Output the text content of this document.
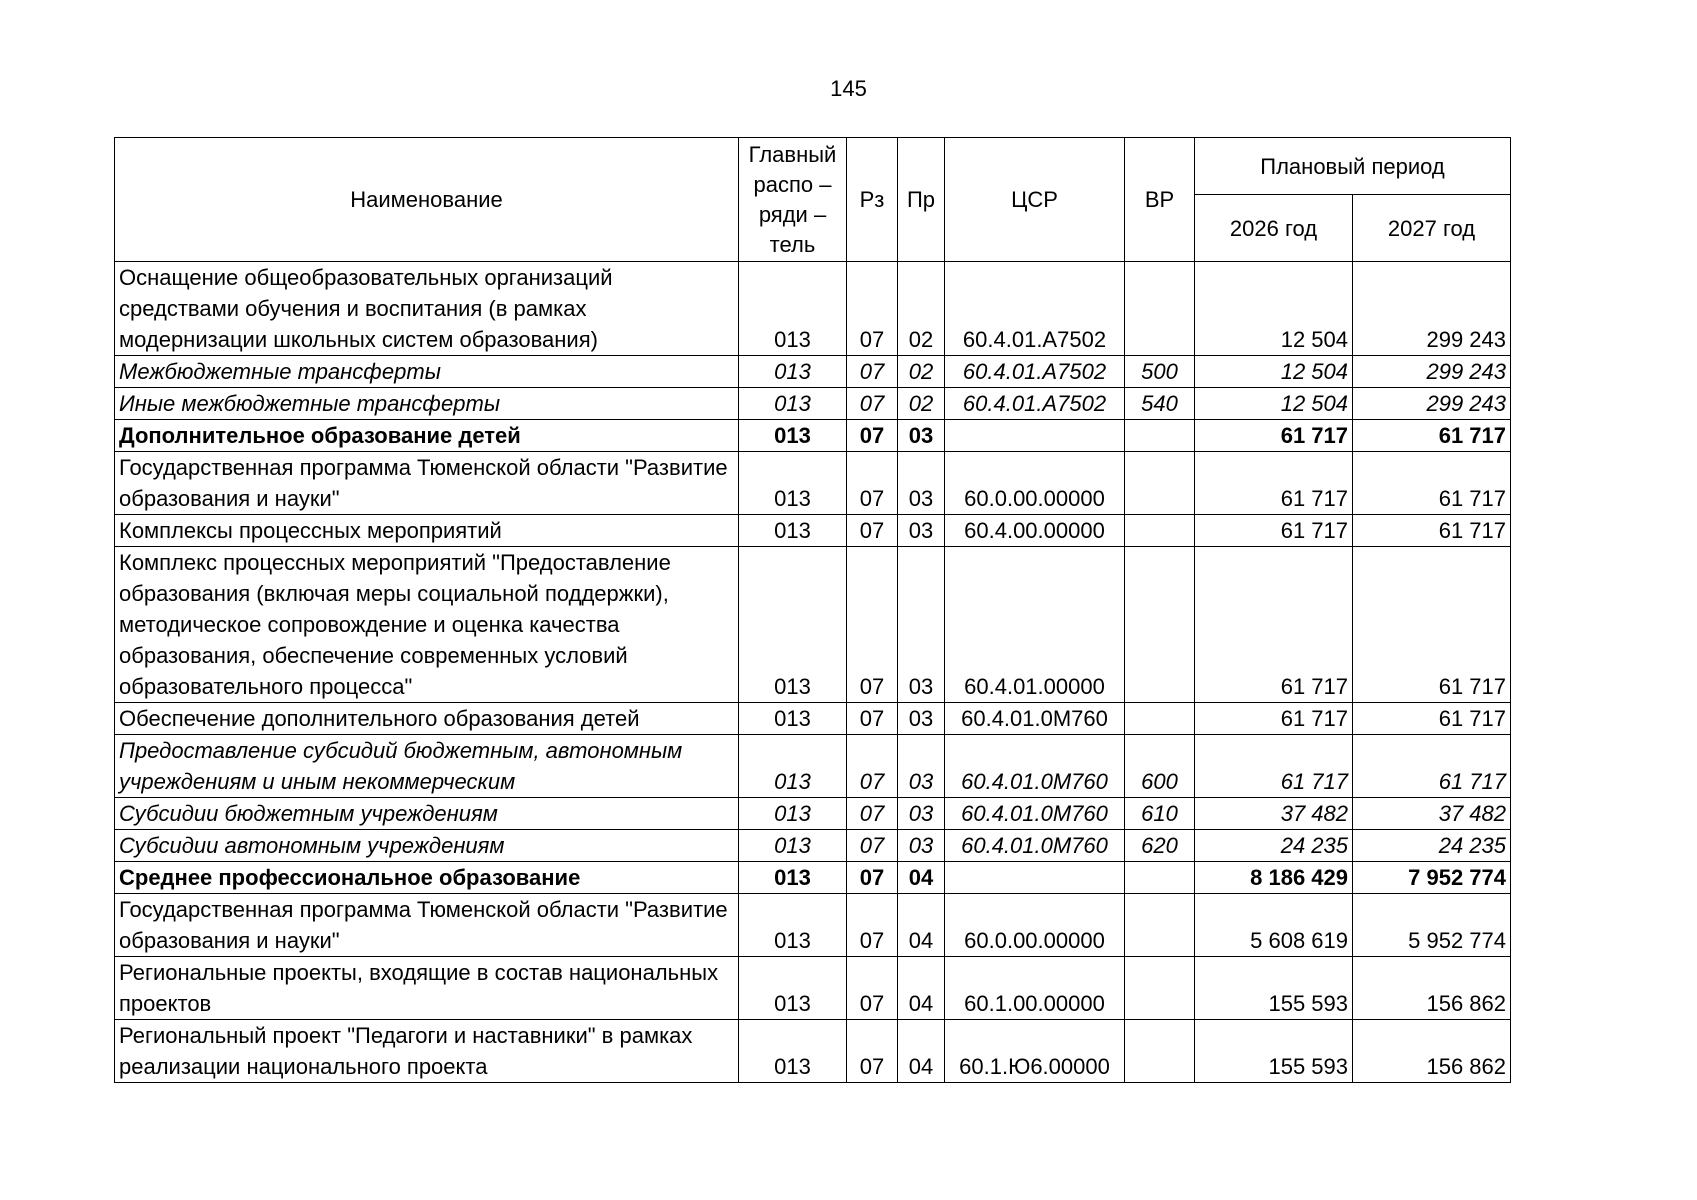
145
Наименование	Главный распо – ряди – тель	Рз	Пр	ЦСР	ВР	Плановый период	
						2026 год	2027 год
Оснащение общеобразовательных организаций средствами обучения и воспитания (в рамках модернизации школьных систем образования)	013	07	02	60.4.01.А7502		12 504	299 243
Межбюджетные трансферты	013	07	02	60.4.01.А7502	500	12 504	299 243
Иные межбюджетные трансферты	013	07	02	60.4.01.А7502	540	12 504	299 243
Дополнительное образование детей	013	07	03			61 717	61 717
Государственная программа Тюменской области "Развитие образования и науки"	013	07	03	60.0.00.00000		61 717	61 717
Комплексы процессных мероприятий	013	07	03	60.4.00.00000		61 717	61 717
Комплекс процессных мероприятий "Предоставление образования (включая меры социальной поддержки), методическое сопровождение и оценка качества образования, обеспечение современных условий образовательного процесса"	013	07	03	60.4.01.00000		61 717	61 717
Обеспечение дополнительного образования детей	013	07	03	60.4.01.0М760		61 717	61 717
Предоставление субсидий бюджетным, автономным учреждениям и иным некоммерческим	013	07	03	60.4.01.0М760	600	61 717	61 717
Субсидии бюджетным учреждениям	013	07	03	60.4.01.0М760	610	37 482	37 482
Субсидии автономным учреждениям	013	07	03	60.4.01.0М760	620	24 235	24 235
Среднее профессиональное образование	013	07	04			8 186 429	7 952 774
Государственная программа Тюменской области "Развитие образования и науки"	013	07	04	60.0.00.00000		5 608 619	5 952 774
Региональные проекты, входящие в состав национальных проектов	013	07	04	60.1.00.00000		155 593	156 862
Региональный проект "Педагоги и наставники" в рамках реализации национального проекта	013	07	04	60.1.Ю6.00000		155 593	156 862
